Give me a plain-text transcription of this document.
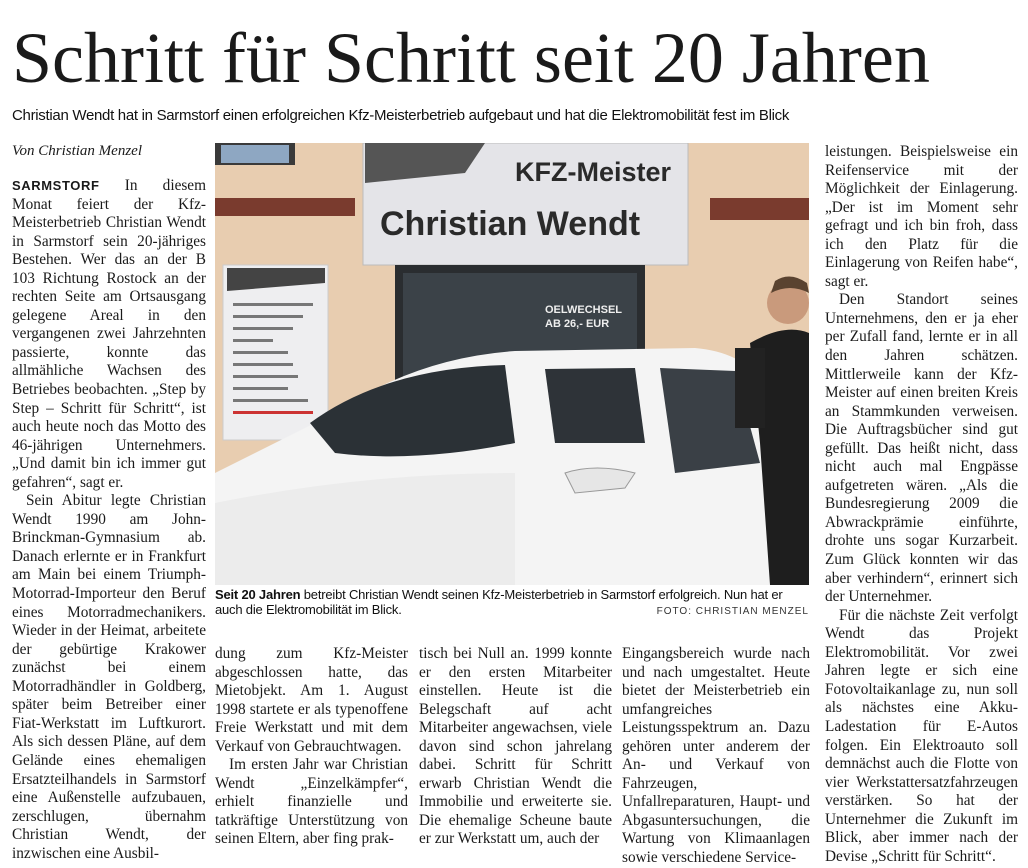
Schritt für Schritt seit 20 Jahren
Christian Wendt hat in Sarmstorf einen erfolgreichen Kfz-Meisterbetrieb aufgebaut und hat die Elektromobilität fest im Blick
Von Christian Menzel

SARMSTORF In diesem Monat feiert der Kfz-Meisterbetrieb Christian Wendt in Sarmstorf sein 20-jähriges Bestehen. Wer das an der B 103 Richtung Rostock an der rechten Seite am Ortsausgang gelegene Areal in den vergangenen zwei Jahrzehnten passierte, konnte das allmähliche Wachsen des Betriebes beobachten. „Step by Step – Schritt für Schritt“, ist auch heute noch das Motto des 46-jährigen Unternehmers. „Und damit bin ich immer gut gefahren“, sagt er.

Sein Abitur legte Christian Wendt 1990 am John-Brinckman-Gymnasium ab. Danach erlernte er in Frankfurt am Main bei einem Triumph-Motorrad-Importeur den Beruf eines Motorradmechanikers. Wieder in der Heimat, arbeitete der gebürtige Krakower zunächst bei einem Motorradhändler in Goldberg, später beim Betreiber einer Fiat-Werkstatt im Luftkurort. Als sich dessen Pläne, auf dem Gelände eines ehemaligen Ersatzteilhandels in Sarmstorf eine Außenstelle aufzubauen, zerschlugen, übernahm Christian Wendt, der inzwischen eine Ausbil-

KFZ-Meister
Christian Wendt
OELWECHSEL
AB 26,- EUR
Seit 20 Jahren betreibt Christian Wendt seinen Kfz-Meisterbetrieb in Sarmstorf erfolgreich. Nun hat er auch die Elektromobilität im Blick.	FOTO: CHRISTIAN MENZEL

dung zum Kfz-Meister abgeschlossen hatte, das Mietobjekt. Am 1. August 1998 startete er als typenoffene Freie Werkstatt und mit dem Verkauf von Gebrauchtwagen.

Im ersten Jahr war Christian Wendt „Einzelkämpfer“, erhielt finanzielle und tatkräftige Unterstützung von seinen Eltern, aber fing prak-

tisch bei Null an. 1999 konnte er den ersten Mitarbeiter einstellen. Heute ist die Belegschaft auf acht Mitarbeiter angewachsen, viele davon sind schon jahrelang dabei. Schritt für Schritt erwarb Christian Wendt die Immobilie und erweiterte sie. Die ehemalige Scheune baute er zur Werkstatt um, auch der

Eingangsbereich wurde nach und nach umgestaltet. Heute bietet der Meisterbetrieb ein umfangreiches Leistungsspektrum an. Dazu gehören unter anderem der An- und Verkauf von Fahrzeugen, Unfallreparaturen, Haupt- und Abgasuntersuchungen, die Wartung von Klimaanlagen sowie verschiedene Service-

leistungen. Beispielsweise ein Reifenservice mit der Möglichkeit der Einlagerung. „Der ist im Moment sehr gefragt und ich bin froh, dass ich den Platz für die Einlagerung von Reifen habe“, sagt er.

Den Standort seines Unternehmens, den er ja eher per Zufall fand, lernte er in all den Jahren schätzen. Mittlerweile kann der Kfz-Meister auf einen breiten Kreis an Stammkunden verweisen. Die Auftragsbücher sind gut gefüllt. Das heißt nicht, dass nicht auch mal Engpässe aufgetreten wären. „Als die Bundesregierung 2009 die Abwrackprämie einführte, drohte uns sogar Kurzarbeit. Zum Glück konnten wir das aber verhindern“, erinnert sich der Unternehmer.

Für die nächste Zeit verfolgt Wendt das Projekt Elektromobilität. Vor zwei Jahren legte er sich eine Fotovoltaikanlage zu, nun soll als nächstes eine Akku-Ladestation für E-Autos folgen. Ein Elektroauto soll demnächst auch die Flotte von vier Werkstattersatzfahrzeugen verstärken. So hat der Unternehmer die Zukunft im Blick, aber immer nach der Devise „Schritt für Schritt“.
